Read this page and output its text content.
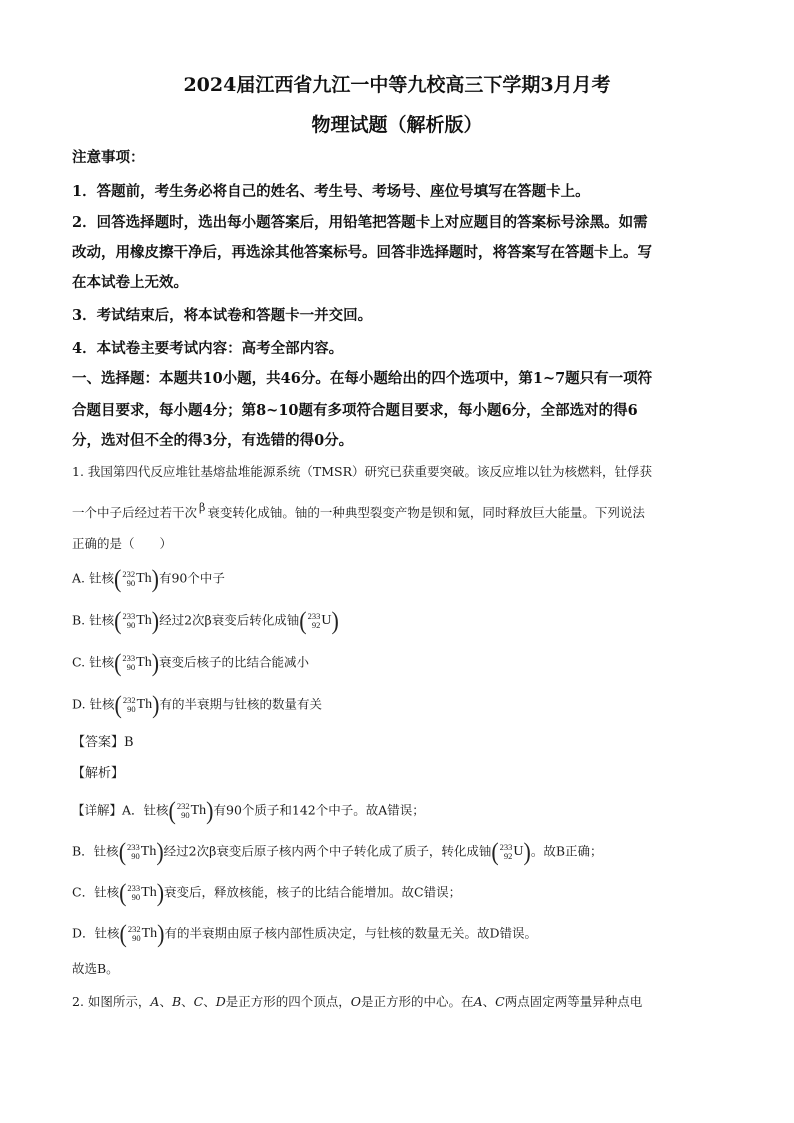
2024届江西省九江一中等九校高三下学期3月月考
物理试题（解析版）
注意事项：
1．答题前，考生务必将自己的姓名、考生号、考场号、座位号填写在答题卡上。
2．回答选择题时，选出每小题答案后，用铅笔把答题卡上对应题目的答案标号涂黑。如需
改动，用橡皮擦干净后，再选涂其他答案标号。回答非选择题时，将答案写在答题卡上。写
在本试卷上无效。
3．考试结束后，将本试卷和答题卡一并交回。
4．本试卷主要考试内容：高考全部内容。
一、选择题：本题共10小题，共46分。在每小题给出的四个选项中，第1~7题只有一项符
合题目要求，每小题4分；第8~10题有多项符合题目要求，每小题6分，全部选对的得6
分，选对但不全的得3分，有选错的得0分。
1. 我国第四代反应堆钍基熔盐堆能源系统（TMSR）研究已获重要突破。该反应堆以钍为核燃料，钍俘获
一个中子后经过若干次 β 衰变转化成铀。铀的一种典型裂变产物是钡和氪，同时释放巨大能量。下列说法
正确的是（　　）
A. 钍核 ( 232
90 Th ) 有90个中子
B. 钍核 ( 233
90 Th ) 经过2次β衰变后转化成铀 ( 233
92 U )
C. 钍核 ( 233
90 Th ) 衰变后核子的比结合能减小
D. 钍核 ( 232
90 Th ) 有的半衰期与钍核的数量有关
【答案】B
【解析】
【详解】A．钍核 ( 232
90 Th ) 有90个质子和142个中子。故A错误；
B．钍核 ( 233
90 Th ) 经过2次β衰变后原子核内两个中子转化成了质子，转化成铀 ( 233
92 U ) 。故B正确；
C．钍核 ( 233
90 Th ) 衰变后，释放核能，核子的比结合能增加。故C错误；
D．钍核 ( 232
90 Th ) 有的半衰期由原子核内部性质决定，与钍核的数量无关。故D错误。
故选B。
2. 如图所示，A、B、C、D是正方形的四个顶点，O是正方形的中心。在A、C两点固定两等量异种点电
